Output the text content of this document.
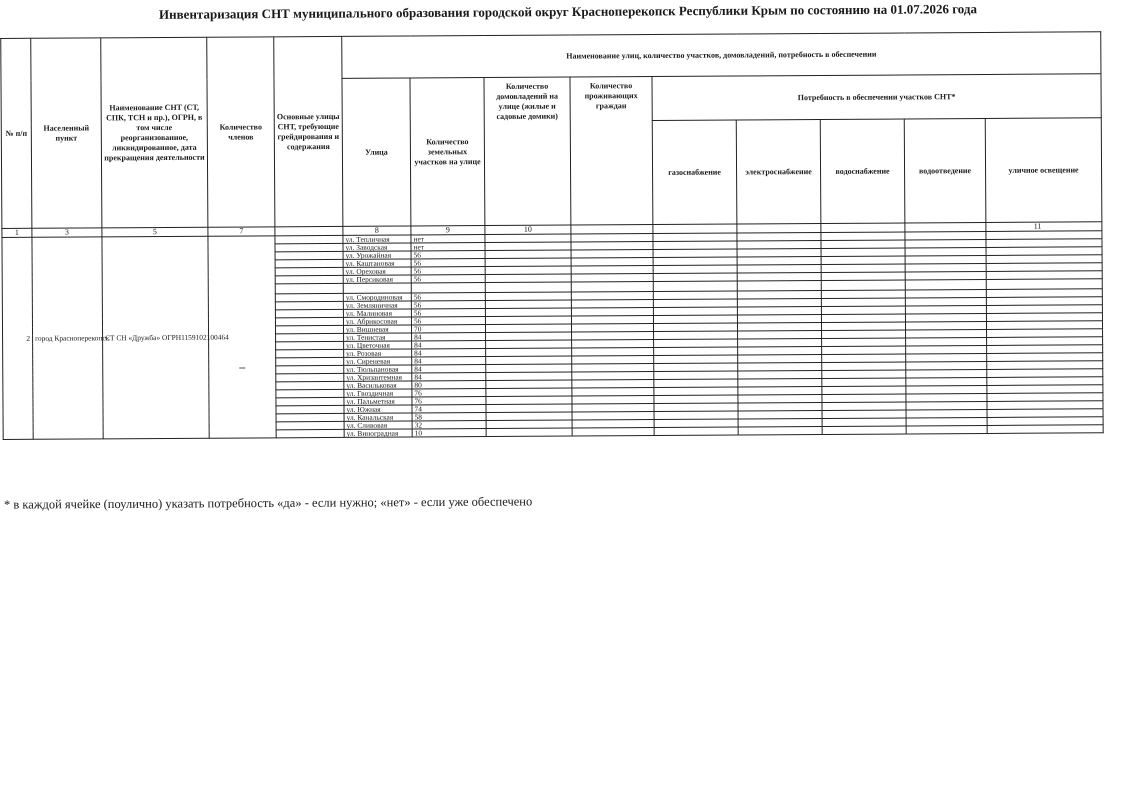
Инвентаризация СНТ муниципального образования городской округ Красноперекопск Республики Крым по состоянию на 01.07.2026 года
№ п/п	Населенный пункт	Наименование СНТ (СТ, СПК, ТСН и пр.), ОГРН, в том числе реорганизованное, ликвидированное, дата прекращения деятельности	Количество членов	Основные улицы СНТ, требующие грейдирования и содержания	Наименование улиц, количество участков, домовладений, потребность в обеспечении								
					Улица	Количество земельных участков на улице	Количество домовладений на улице (жилые и садовые домики)	Количество проживающих граждан	Потребность в обеспечении участков СНТ*				
									газоснабжение	электроснабжение	водоснабжение	водоотведение	уличное освещение
1	3	5	7		8	9	10						11
2	город Красноперекопск	СТ СН «Дружба» ОГРН1159102100464			ул. Тепличная	нет							
					ул. Заводская	нет							
					ул. Урожайная	56							
					ул. Каштановая	56							
					ул. Ореховая	56							
					ул. Персиковая	56							

					ул. Смородиновая	56							
					ул. Земляничная	56							
					ул. Малиновая	56							
					ул. Абрикосовая	56							
					ул. Вишневая	70							
					ул. Тенистая	84							
					ул. Цветочная	84							
					ул. Розовая	84							
					ул. Сиреневая	84							
					ул. Тюльпановая	84							
					ул. Хризантемная	84							
					ул. Васильковая	80							
					ул. Гвоздичная	76							
					ул. Пальметная	76							
					ул. Южная	74							
					ул. Канальская	58							
					ул. Сливовая	32							
					ул. Виноградная	10							
* в каждой ячейке (поулично) указать потребность «да» - если нужно; «нет» - если уже обеспечено
